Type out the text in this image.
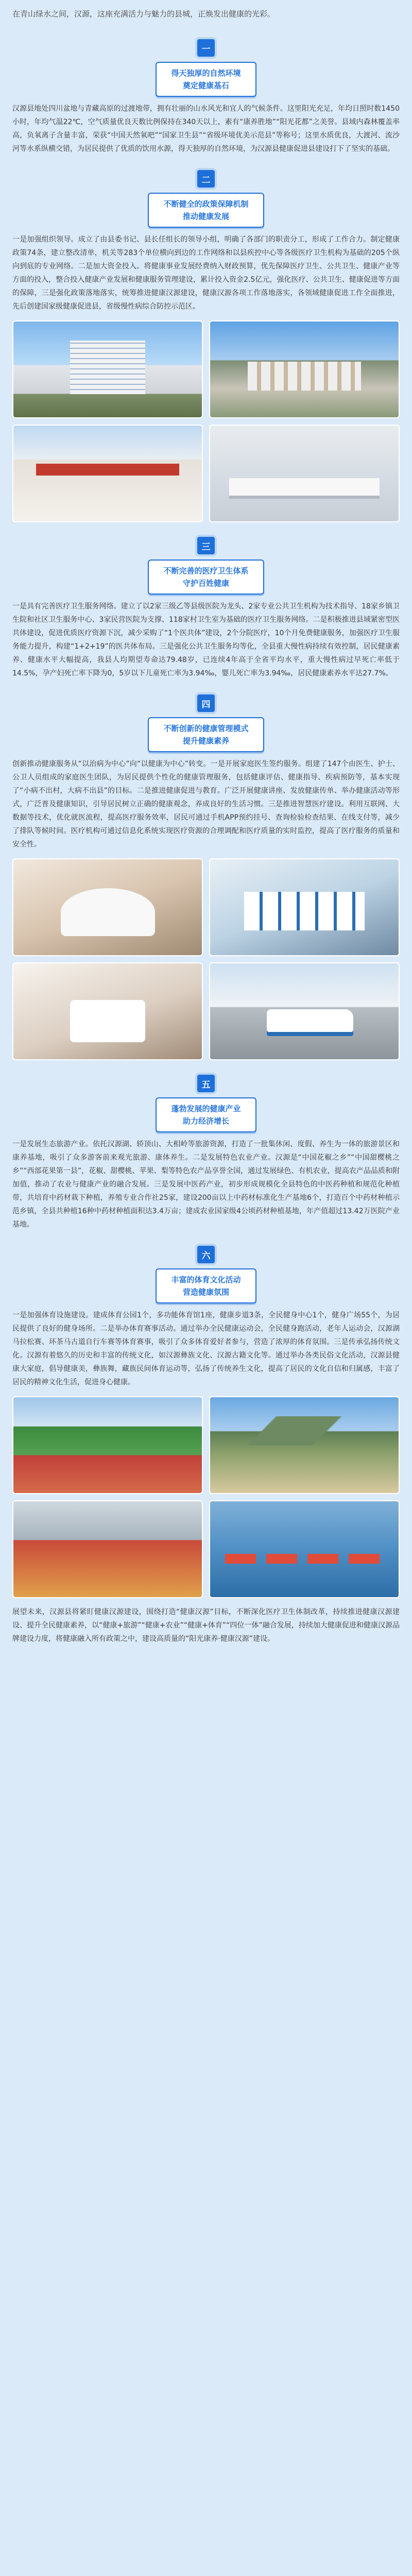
在青山绿水之间，汉源，这座充满活力与魅力的县城，正焕发出健康的光彩。

一
得天独厚的自然环境
奠定健康基石

汉源县地处四川盆地与青藏高原的过渡地带，拥有壮丽的山水风光和宜人的气候条件。这里阳光充足，年均日照时数1450小时，年均气温22℃，空气质量优良天数比例保持在340天以上，素有“康养胜地”“阳光花都”之美誉。县域内森林覆盖率高，负氧离子含量丰富，荣获“中国天然氧吧”“国家卫生县”“省级环境优美示范县”等称号；这里水质优良，大渡河、流沙河等水系纵横交错，为居民提供了优质的饮用水源，得天独厚的自然环境，为汉源县健康促进县建设打下了坚实的基础。

二
不断健全的政策保障机制
推动健康发展

一是加强组织领导。成立了由县委书记、县长任组长的领导小组，明确了各部门的职责分工，形成了工作合力。制定健康政策74条，建立整改清单，机关等283个单位横向到边的工作网络和以县疾控中心等各级医疗卫生机构为基础的205个纵向到底的专业网络。二是加大资金投入。将健康事业发展经费纳入财政预算，优先保障医疗卫生、公共卫生、健康产业等方面的投入，整合投入健康产业发展和健康服务管理建设，累计投入资金2.5亿元，强化医疗、公共卫生、健康促进等方面的保障，三是强化政策落地落实，统筹推进健康汉源建设，健康汉源各项工作落地落实，各领域健康促进工作全面推进，先后创建国家级健康促进县，省级慢性病综合防控示范区。

三
不断完善的医疗卫生体系
守护百姓健康

一是具有完善医疗卫生服务网络。建立了以2家三级乙等县级医院为龙头、2家专业公共卫生机构为技术指导、18家乡镇卫生院和社区卫生服务中心、3家民营医院为支撑、118家村卫生室为基础的医疗卫生服务网络。二是积极推进县域紧密型医共体建设，促进优质医疗资源下沉，减少采购了“1个医共体”建设，2个分院医疗，10个月免费健康服务，加强医疗卫生服务能力提升，构建“1+2+19”的医共体布局。三是强化公共卫生服务均等化，全县重大慢性病持续有效控制，居民健康素养、健康水平大幅提高，我县人均期望寿命达79.48岁，已连续4年高于全省平均水平，重大慢性病过早死亡率低于14.5%，孕产妇死亡率下降为0，5岁以下儿童死亡率为3.94‰，婴儿死亡率为3.94‰，居民健康素养水平达27.7%。

四
不断创新的健康管理模式
提升健康素养

创新推动健康服务从“以治病为中心”向“以健康为中心”转变。一是开展家庭医生签约服务。组建了147个由医生、护士、公卫人员组成的家庭医生团队，为居民提供个性化的健康管理服务，包括健康评估、健康指导、疾病预防等，基本实现了“小病不出村，大病不出县”的目标。二是推进健康促进与教育。广泛开展健康讲座、发放健康传单、举办健康活动等形式，广泛普及健康知识，引导居民树立正确的健康观念，养成良好的生活习惯。三是推进智慧医疗建设。利用互联网、大数据等技术，优化就医流程，提高医疗服务效率，居民可通过手机APP预约挂号、查询检验检查结果、在线支付等，减少了排队等候时间。医疗机构可通过信息化系统实现医疗资源的合理调配和医疗质量的实时监控，提高了医疗服务的质量和安全性。

五
蓬勃发展的健康产业
助力经济增长

一是发展生态旅游产业。依托汉源湖、轿顶山、大相岭等旅游资源，打造了一批集休闲、度假、养生为一体的旅游景区和康养基地，吸引了众多游客前来观光旅游、康体养生。二是发展特色农业产业。汉源是“中国花椒之乡”“中国甜樱桃之乡”“西部花果第一县”，花椒、甜樱桃、苹果、梨等特色农产品享誉全国，通过发展绿色、有机农业，提高农产品品质和附加值，推动了农业与健康产业的融合发展。三是发展中医药产业，初步形成规模化全县特色的中医药种植和规范化种植带，共培育中药材栽下种植，养殖专业合作社25家，建设200亩以上中药材标准化生产基地6个，打造百个中药材种植示范乡镇，全县共种植16种中药材种植面积达3.4万亩；建成农业国家级4公顷药材种植基地，年产值超过13.42万医院产业基地。

六
丰富的体育文化活动
营造健康氛围

一是加强体育设施建设。建成体育公园1个，多功能体育馆1座，健康步道3条，全民健身中心1个，健身广场55个，为居民提供了良好的健身场所。二是举办体育赛事活动。通过举办全民健康运动会，全民健身跑活动，老年人运动会，汉源湖马拉松赛、环茶马古道自行车赛等体育赛事，吸引了众多体育爱好者参与，营造了浓厚的体育氛围。三是传承弘扬传统文化。汉源有着悠久的历史和丰富的传统文化，如汉源彝族文化、汉源古籍文化等。通过举办各类民俗文化活动，汉源县健康大家庭，倡导健康美，彝族舞，藏族民间体育运动等，弘扬了传统养生文化，提高了居民的文化自信和归属感，丰富了居民的精神文化生活，促进身心健康。

展望未来，汉源县将紧盯健康汉源建设，围绕打造“健康汉源”目标，不断深化医疗卫生体制改革，持续推进健康汉源建设、提升全民健康素养，以“健康+旅游”“健康+农业”“健康+体育”“四位一体”融合发展，持续加大健康促进和健康汉源品牌建设力度，将健康融入所有政策之中，建设高质量的“阳光康养·健康汉源”建设。
